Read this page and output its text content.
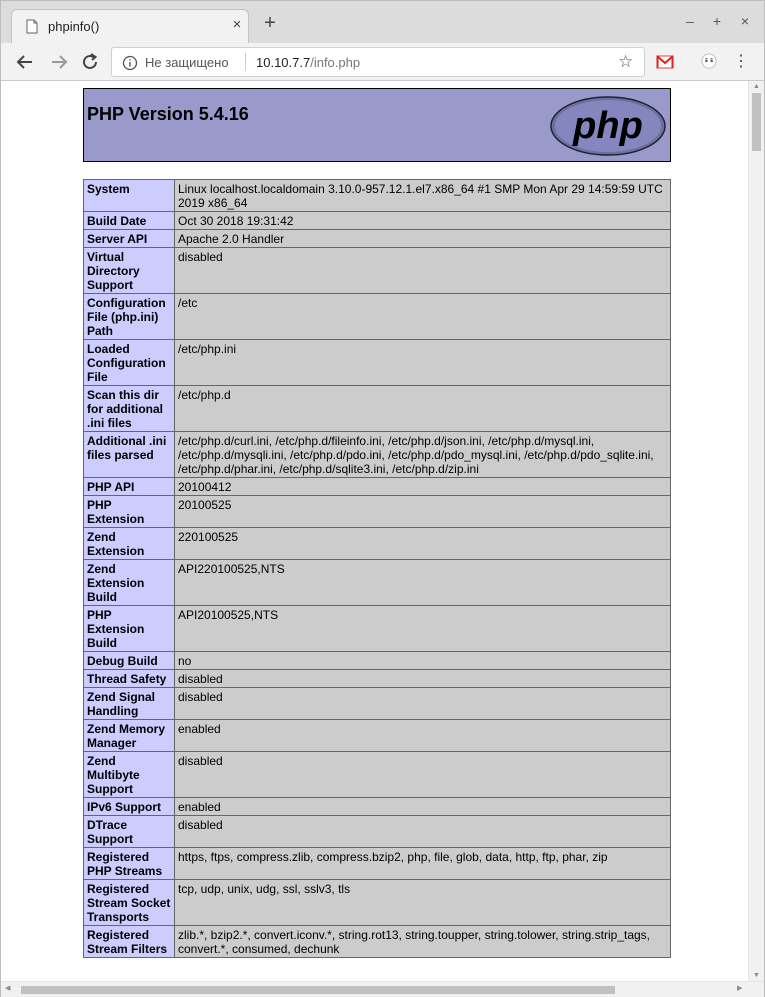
phpinfo()	× +	–	+	×
Не защищено 10.10.7.7/info.php	☆	⋮
PHP Version 5.4.16	php
System	Linux localhost.localdomain 3.10.0-957.12.1.el7.x86_64 #1 SMP Mon Apr 29 14:59:59 UTC 2019 x86_64
Build Date	Oct 30 2018 19:31:42
Server API	Apache 2.0 Handler
Virtual Directory Support	disabled
Configuration File (php.ini) Path	/etc
Loaded Configuration File	/etc/php.ini
Scan this dir for additional .ini files	/etc/php.d
Additional .ini files parsed	/etc/php.d/curl.ini, /etc/php.d/fileinfo.ini, /etc/php.d/json.ini, /etc/php.d/mysql.ini, /etc/php.d/mysqli.ini, /etc/php.d/pdo.ini, /etc/php.d/pdo_mysql.ini, /etc/php.d/pdo_sqlite.ini, /etc/php.d/phar.ini, /etc/php.d/sqlite3.ini, /etc/php.d/zip.ini
PHP API	20100412
PHP Extension	20100525
Zend Extension	220100525
Zend Extension Build	API220100525,NTS
PHP Extension Build	API20100525,NTS
Debug Build	no
Thread Safety	disabled
Zend Signal Handling	disabled
Zend Memory Manager	enabled
Zend Multibyte Support	disabled
IPv6 Support	enabled
DTrace Support	disabled
Registered PHP Streams	https, ftps, compress.zlib, compress.bzip2, php, file, glob, data, http, ftp, phar, zip
Registered Stream Socket Transports	tcp, udp, unix, udg, ssl, sslv3, tls
Registered Stream Filters	zlib.*, bzip2.*, convert.iconv.*, string.rot13, string.toupper, string.tolower, string.strip_tags, convert.*, consumed, dechunk
▲
▼
◀	▶
